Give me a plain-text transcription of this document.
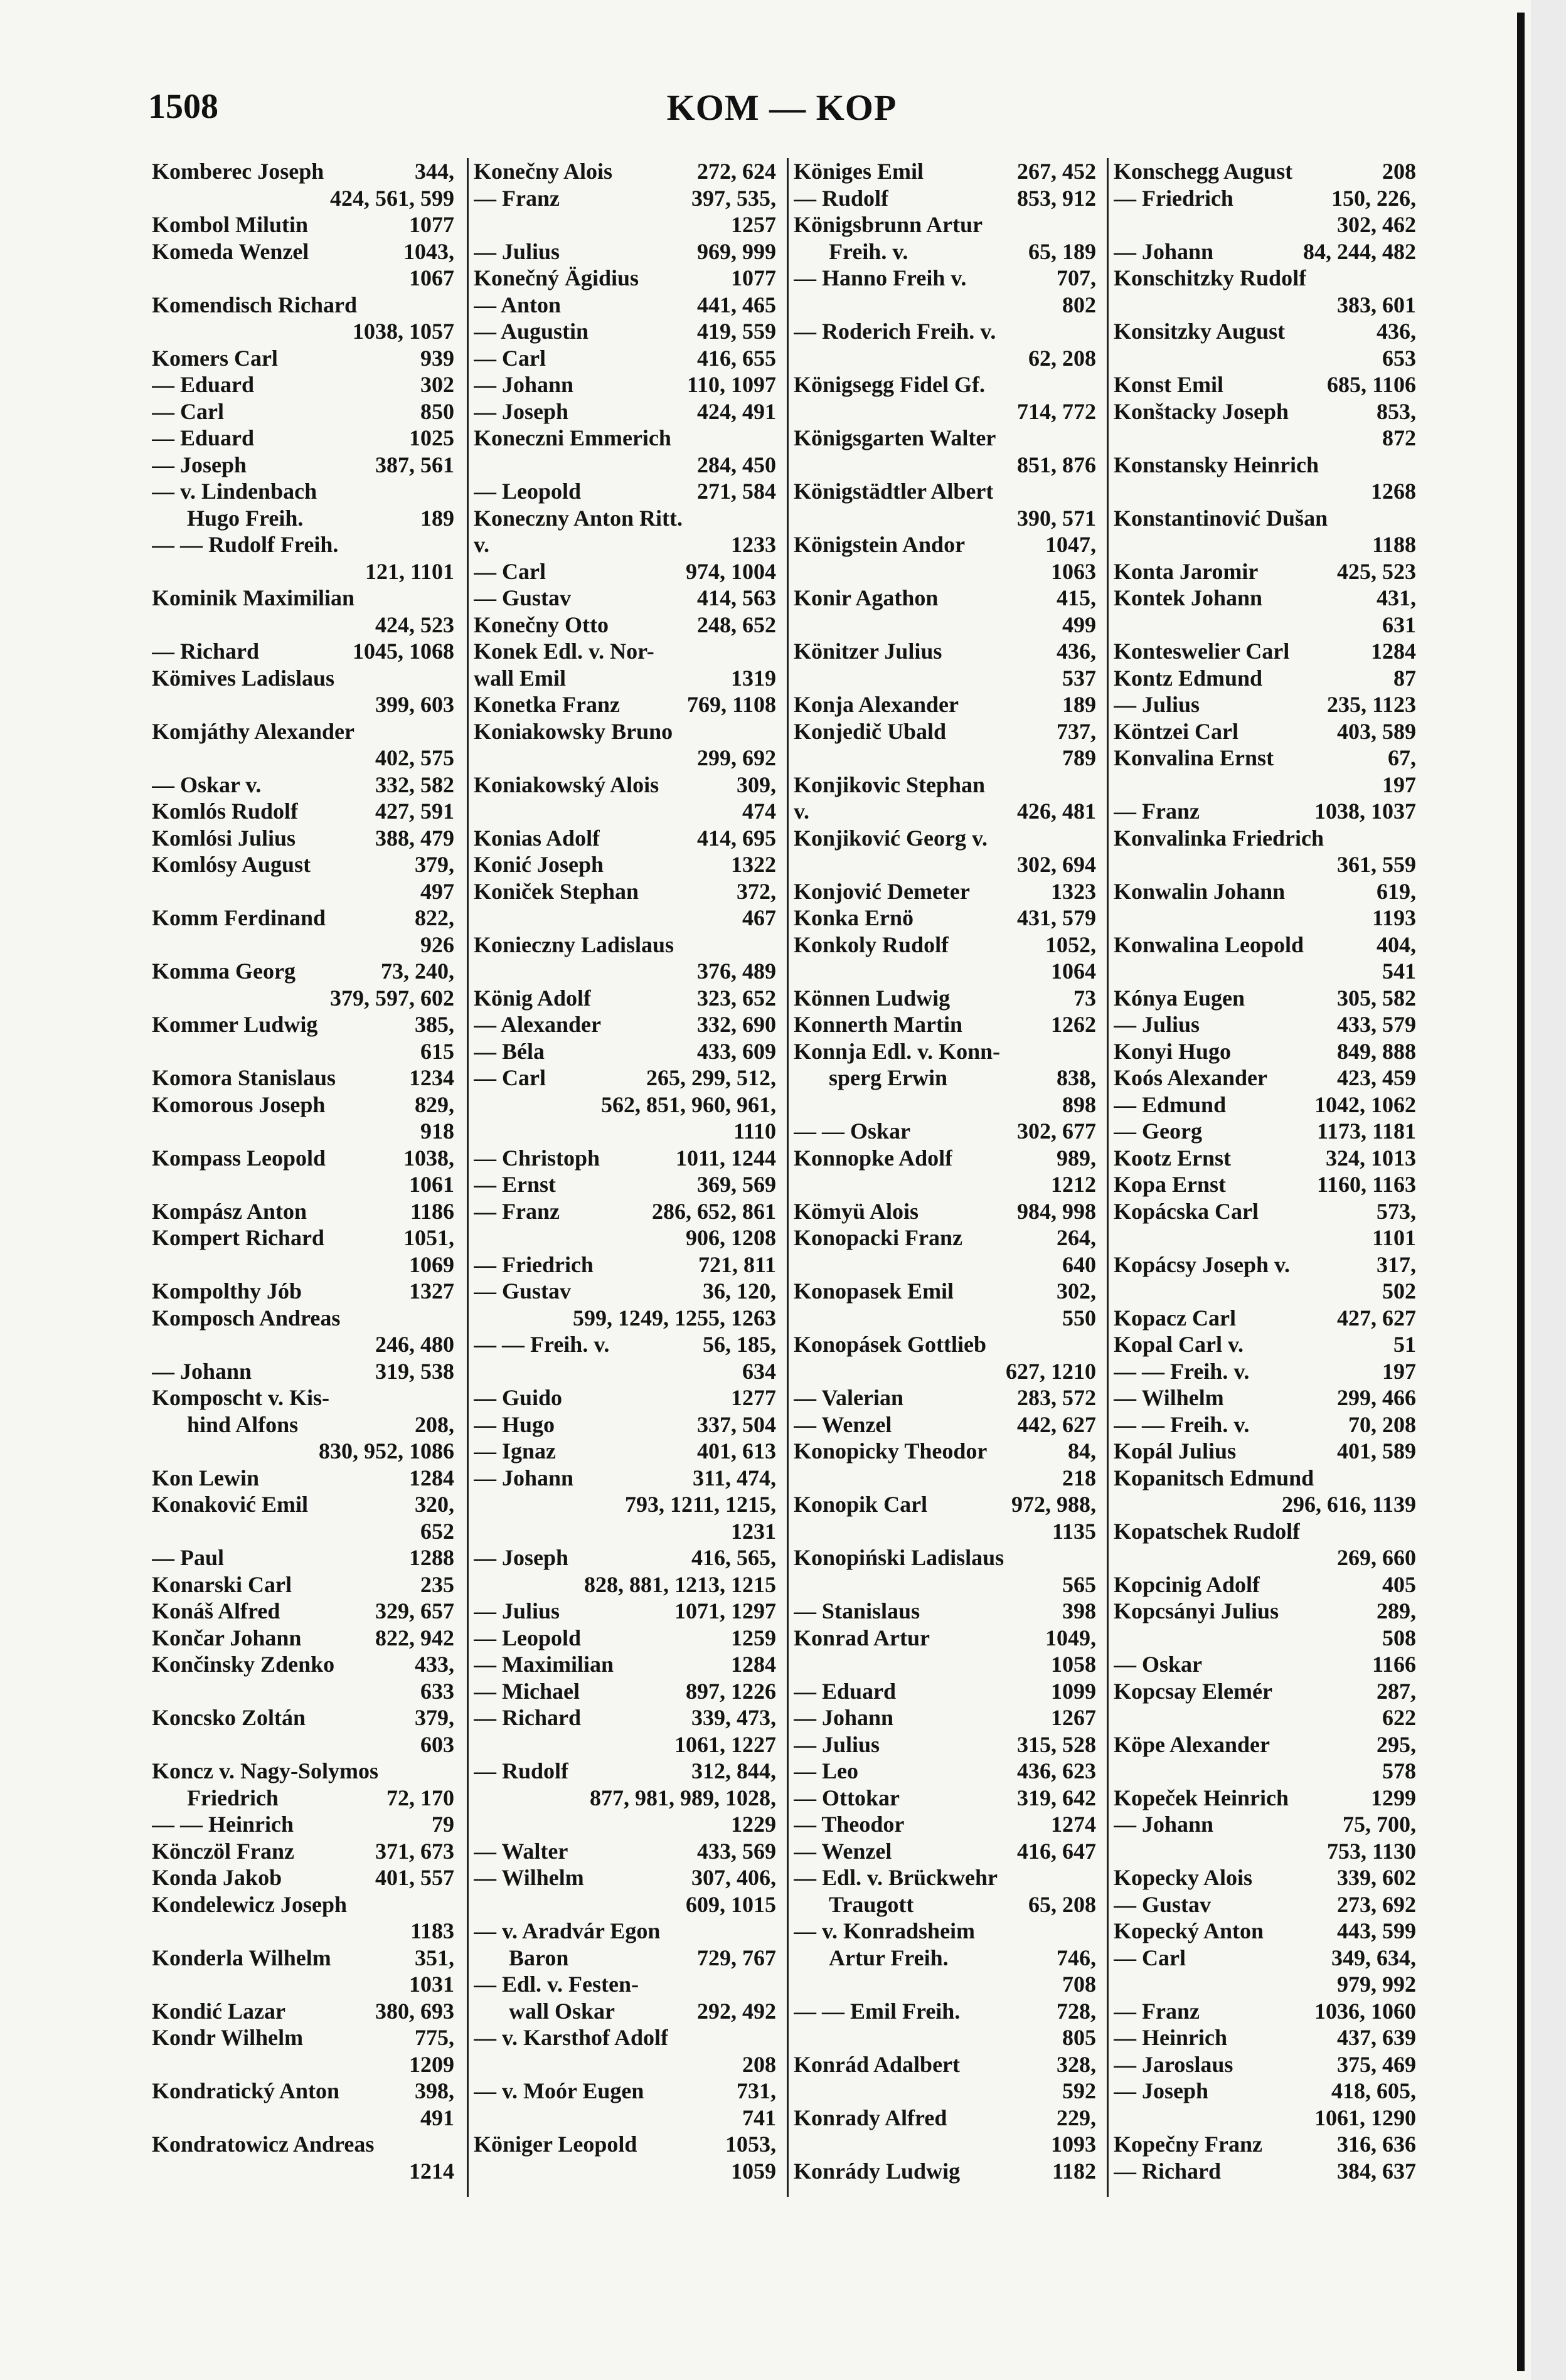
1508	KOM — KOP
Komberec Joseph	344,
424, 561, 599
Kombol Milutin	1077
Komeda Wenzel	1043,
1067
Komendisch Richard
1038, 1057
Komers Carl	939
— Eduard	302
— Carl	850
— Eduard	1025
— Joseph	387, 561
— v. Lindenbach
Hugo Freih.	189
— — Rudolf Freih.
121, 1101
Kominik Maximilian
424, 523
— Richard	1045, 1068
Kömives Ladislaus
399, 603
Komjáthy Alexander
402, 575
— Oskar v.	332, 582
Komlós Rudolf	427, 591
Komlósi Julius	388, 479
Komlósy August	379,
497
Komm Ferdinand	822,
926
Komma Georg	73, 240,
379, 597, 602
Kommer Ludwig	385,
615
Komora Stanislaus	1234
Komorous Joseph	829,
918
Kompass Leopold	1038,
1061
Kompász Anton	1186
Kompert Richard	1051,
1069
Kompolthy Jób	1327
Komposch Andreas
246, 480
— Johann	319, 538
Komposcht v. Kis-
hind Alfons	208,
830, 952, 1086
Kon Lewin	1284
Konaković Emil	320,
652
— Paul	1288
Konarski Carl	235
Konáš Alfred	329, 657
Končar Johann	822, 942
Končinsky Zdenko	433,
633
Koncsko Zoltán	379,
603
Koncz v. Nagy-Solymos
Friedrich	72, 170
— — Heinrich	79
Könczöl Franz	371, 673
Konda Jakob	401, 557
Kondelewicz Joseph
1183
Konderla Wilhelm	351,
1031
Kondić Lazar	380, 693
Kondr Wilhelm	775,
1209
Kondratický Anton	398,
491
Kondratowicz Andreas
1214
Konečny Alois	272, 624
— Franz	397, 535,
1257
— Julius	969, 999
Konečný Ägidius	1077
— Anton	441, 465
— Augustin	419, 559
— Carl	416, 655
— Johann	110, 1097
— Joseph	424, 491
Koneczni Emmerich
284, 450
— Leopold	271, 584
Koneczny Anton Ritt.
v.	1233
— Carl	974, 1004
— Gustav	414, 563
Konečny Otto	248, 652
Konek Edl. v. Nor-
wall Emil	1319
Konetka Franz	769, 1108
Koniakowsky Bruno
299, 692
Koniakowský Alois	309,
474
Konias Adolf	414, 695
Konić Joseph	1322
Koniček Stephan	372,
467
Konieczny Ladislaus
376, 489
König Adolf	323, 652
— Alexander	332, 690
— Béla	433, 609
— Carl	265, 299, 512,
562, 851, 960, 961,
1110
— Christoph	1011, 1244
— Ernst	369, 569
— Franz	286, 652, 861
906, 1208
— Friedrich	721, 811
— Gustav	36, 120,
599, 1249, 1255, 1263
— — Freih. v.	56, 185,
634
— Guido	1277
— Hugo	337, 504
— Ignaz	401, 613
— Johann	311, 474,
793, 1211, 1215,
1231
— Joseph	416, 565,
828, 881, 1213, 1215
— Julius	1071, 1297
— Leopold	1259
— Maximilian	1284
— Michael	897, 1226
— Richard	339, 473,
1061, 1227
— Rudolf	312, 844,
877, 981, 989, 1028,
1229
— Walter	433, 569
— Wilhelm	307, 406,
609, 1015
— v. Aradvár Egon
Baron	729, 767
— Edl. v. Festen-
wall Oskar	292, 492
— v. Karsthof Adolf
208
— v. Moór Eugen	731,
741
Königer Leopold	1053,
1059
Königes Emil	267, 452
— Rudolf	853, 912
Königsbrunn Artur
Freih. v.	65, 189
— Hanno Freih v.	707,
802
— Roderich Freih. v.
62, 208
Königsegg Fidel Gf.
714, 772
Königsgarten Walter
851, 876
Königstädtler Albert
390, 571
Königstein Andor	1047,
1063
Konir Agathon	415,
499
Könitzer Julius	436,
537
Konja Alexander	189
Konjedič Ubald	737,
789
Konjikovic Stephan
v.	426, 481
Konjiković Georg v.
302, 694
Konjović Demeter	1323
Konka Ernö	431, 579
Konkoly Rudolf	1052,
1064
Können Ludwig	73
Konnerth Martin	1262
Konnja Edl. v. Konn-
sperg Erwin	838,
898
— — Oskar	302, 677
Konnopke Adolf	989,
1212
Kömyü Alois	984, 998
Konopacki Franz	264,
640
Konopasek Emil	302,
550
Konopásek Gottlieb
627, 1210
— Valerian	283, 572
— Wenzel	442, 627
Konopicky Theodor	84,
218
Konopik Carl	972, 988,
1135
Konopiński Ladislaus
565
— Stanislaus	398
Konrad Artur	1049,
1058
— Eduard	1099
— Johann	1267
— Julius	315, 528
— Leo	436, 623
— Ottokar	319, 642
— Theodor	1274
— Wenzel	416, 647
— Edl. v. Brückwehr
Traugott	65, 208
— v. Konradsheim
Artur Freih.	746,
708
— — Emil Freih.	728,
805
Konrád Adalbert	328,
592
Konrady Alfred	229,
1093
Konrády Ludwig	1182
Konschegg August	208
— Friedrich	150, 226,
302, 462
— Johann	84, 244, 482
Konschitzky Rudolf
383, 601
Konsitzky August	436,
653
Konst Emil	685, 1106
Konštacky Joseph	853,
872
Konstansky Heinrich
1268
Konstantinović Dušan
1188
Konta Jaromir	425, 523
Kontek Johann	431,
631
Konteswelier Carl	1284
Kontz Edmund	87
— Julius	235, 1123
Köntzei Carl	403, 589
Konvalina Ernst	67,
197
— Franz	1038, 1037
Konvalinka Friedrich
361, 559
Konwalin Johann	619,
1193
Konwalina Leopold	404,
541
Kónya Eugen	305, 582
— Julius	433, 579
Konyi Hugo	849, 888
Koós Alexander	423, 459
— Edmund	1042, 1062
— Georg	1173, 1181
Kootz Ernst	324, 1013
Kopa Ernst	1160, 1163
Kopácska Carl	573,
1101
Kopácsy Joseph v.	317,
502
Kopacz Carl	427, 627
Kopal Carl v.	51
— — Freih. v.	197
— Wilhelm	299, 466
— — Freih. v.	70, 208
Kopál Julius	401, 589
Kopanitsch Edmund
296, 616, 1139
Kopatschek Rudolf
269, 660
Kopcinig Adolf	405
Kopcsányi Julius	289,
508
— Oskar	1166
Kopcsay Elemér	287,
622
Köpe Alexander	295,
578
Kopeček Heinrich	1299
— Johann	75, 700,
753, 1130
Kopecky Alois	339, 602
— Gustav	273, 692
Kopecký Anton	443, 599
— Carl	349, 634,
979, 992
— Franz	1036, 1060
— Heinrich	437, 639
— Jaroslaus	375, 469
— Joseph	418, 605,
1061, 1290
Kopečny Franz	316, 636
— Richard	384, 637
